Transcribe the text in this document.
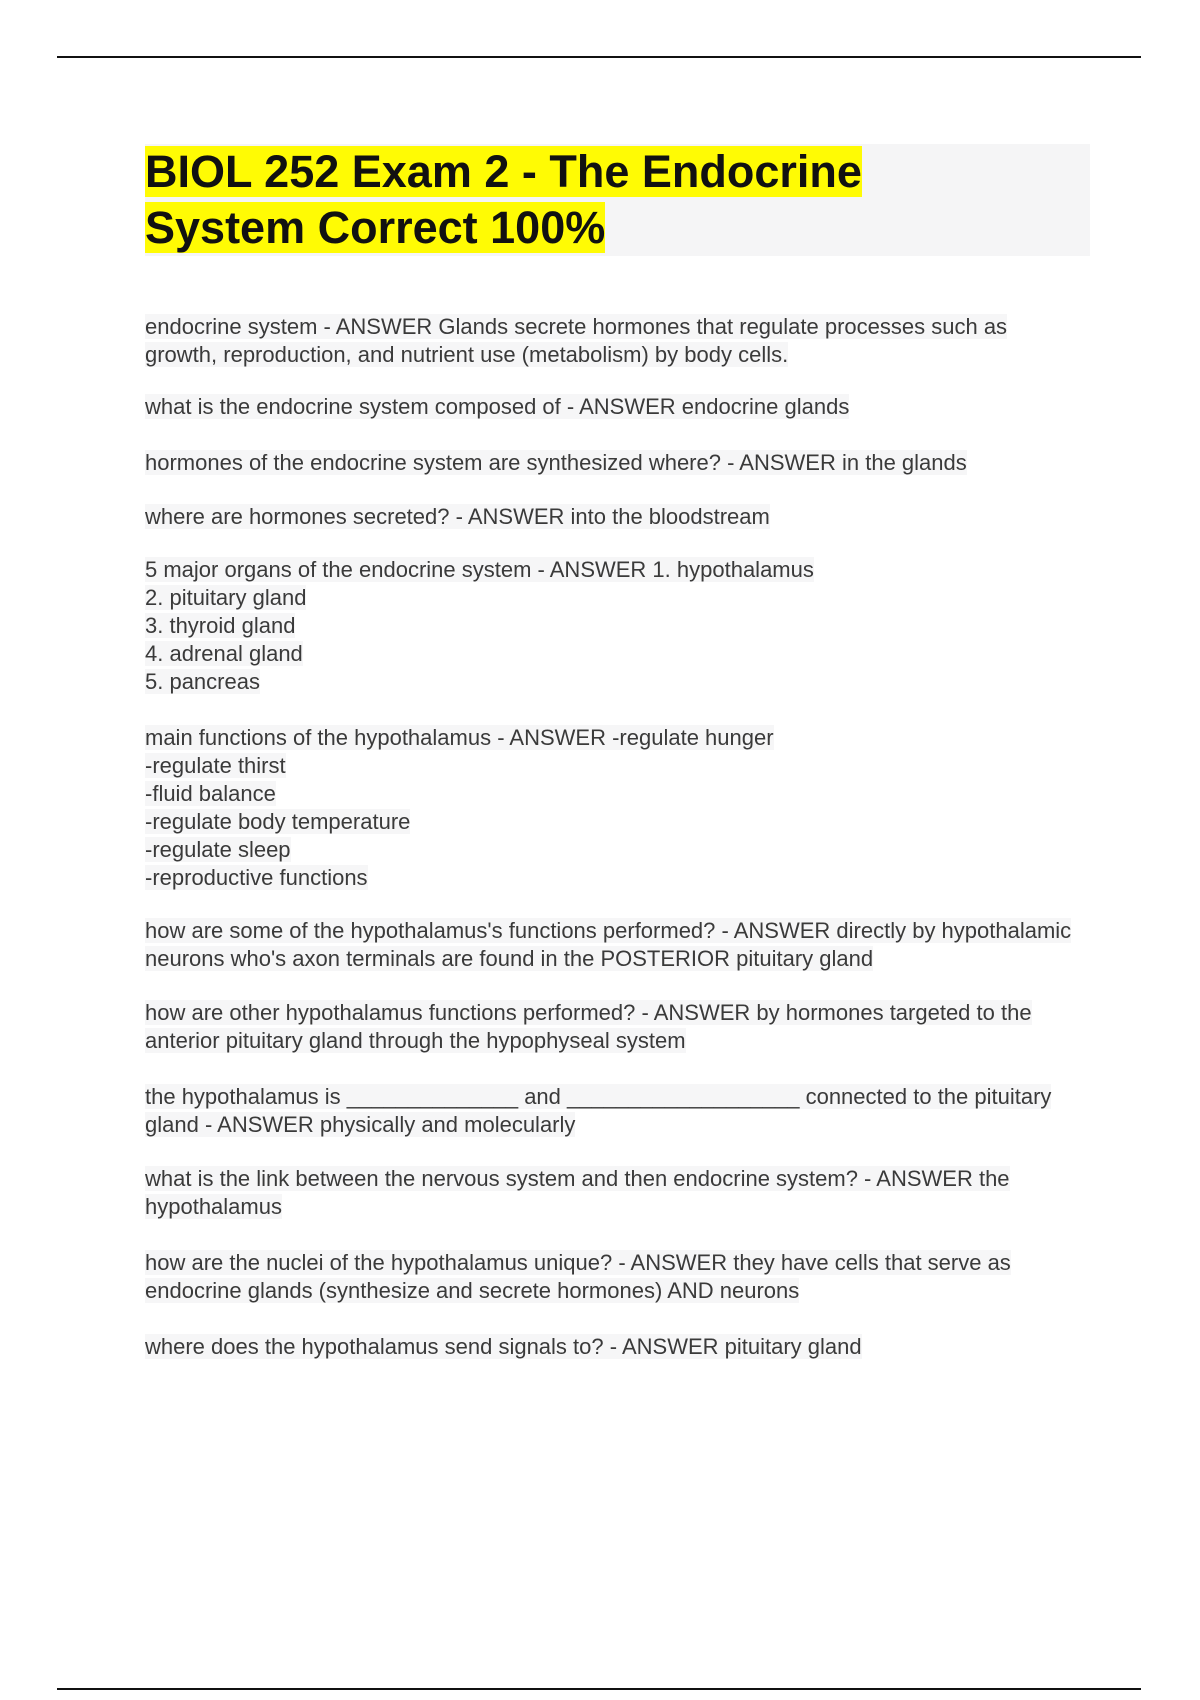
BIOL 252 Exam 2 - The Endocrine System Correct 100%

endocrine system - ANSWER Glands secrete hormones that regulate processes such as growth, reproduction, and nutrient use (metabolism) by body cells.

what is the endocrine system composed of - ANSWER endocrine glands

hormones of the endocrine system are synthesized where? - ANSWER in the glands

where are hormones secreted? - ANSWER into the bloodstream

5 major organs of the endocrine system - ANSWER 1. hypothalamus
2. pituitary gland
3. thyroid gland
4. adrenal gland
5. pancreas

main functions of the hypothalamus - ANSWER -regulate hunger
-regulate thirst
-fluid balance
-regulate body temperature
-regulate sleep
-reproductive functions

how are some of the hypothalamus's functions performed? - ANSWER directly by hypothalamic neurons who's axon terminals are found in the POSTERIOR pituitary gland

how are other hypothalamus functions performed? - ANSWER by hormones targeted to the anterior pituitary gland through the hypophyseal system

the hypothalamus is ______________ and ___________________ connected to the pituitary gland - ANSWER physically and molecularly

what is the link between the nervous system and then endocrine system? - ANSWER the hypothalamus

how are the nuclei of the hypothalamus unique? - ANSWER they have cells that serve as endocrine glands (synthesize and secrete hormones) AND neurons

where does the hypothalamus send signals to? - ANSWER pituitary gland
